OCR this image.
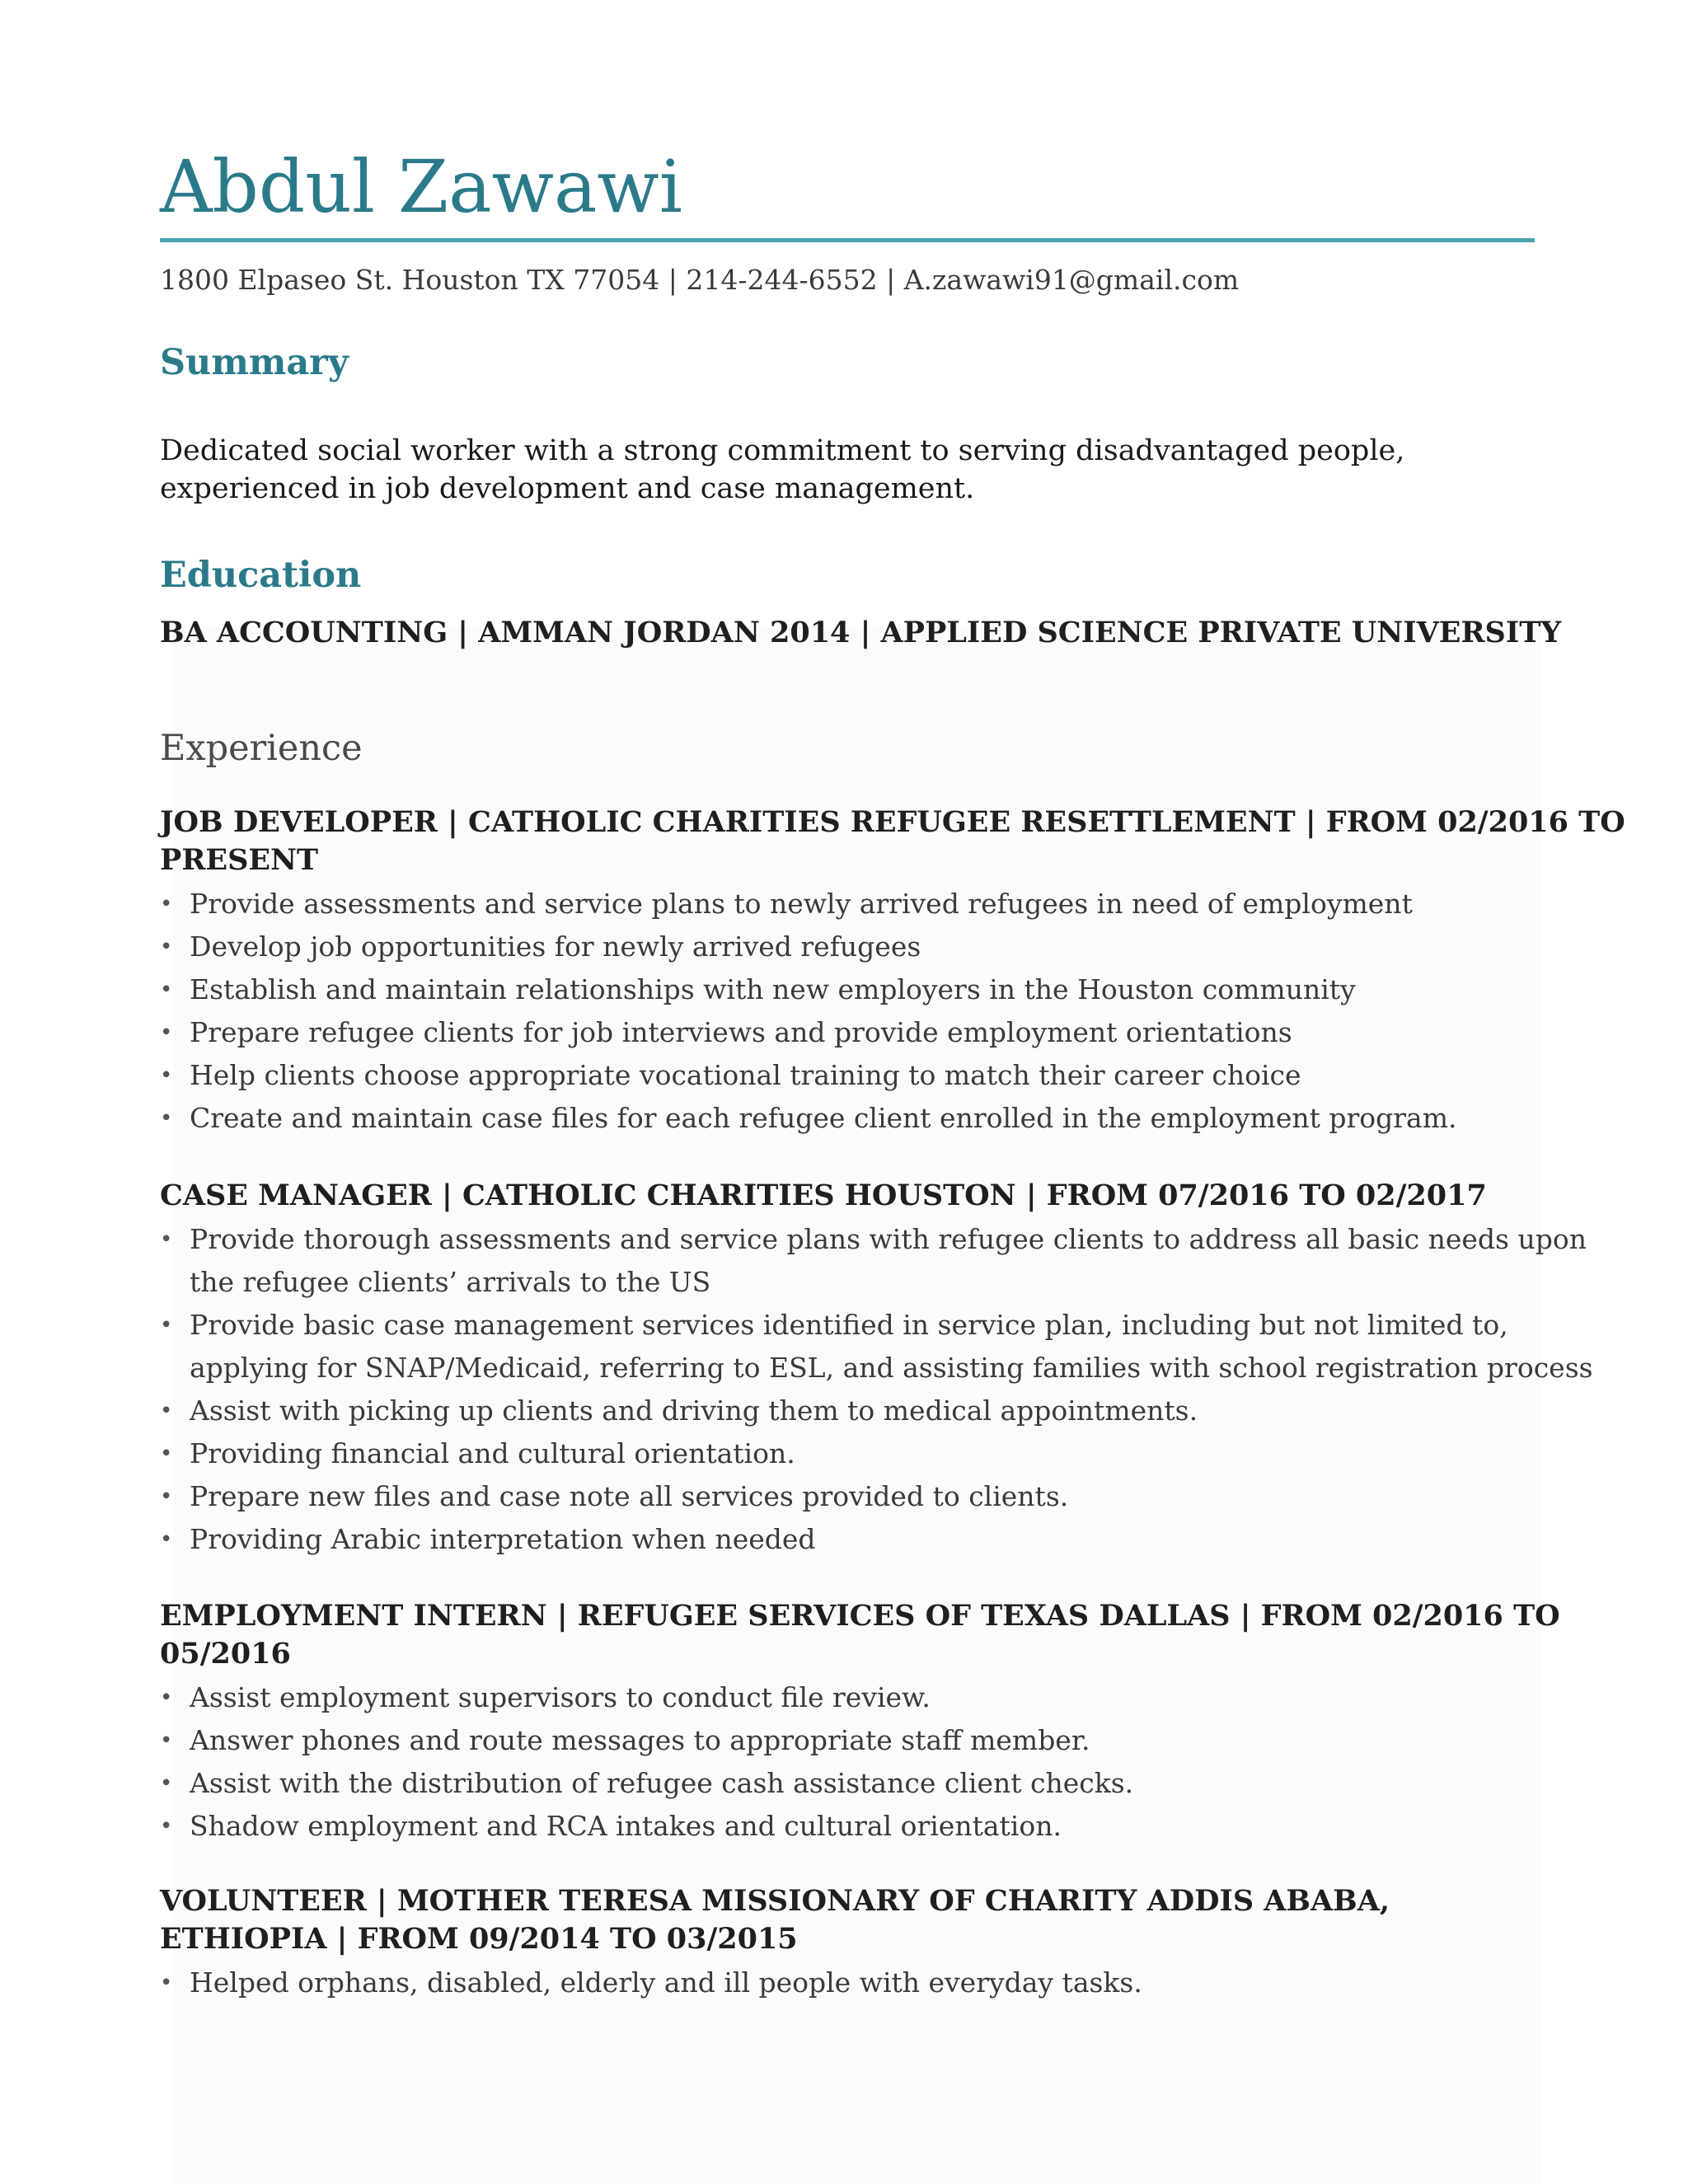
Abdul Zawawi
1800 Elpaseo St. Houston TX 77054 | 214-244-6552 | A.zawawi91@gmail.com
Summary
Dedicated social worker with a strong commitment to serving disadvantaged people,
experienced in job development and case management.
Education
BA ACCOUNTING | AMMAN JORDAN 2014 | APPLIED SCIENCE PRIVATE UNIVERSITY
Experience
JOB DEVELOPER | CATHOLIC CHARITIES REFUGEE RESETTLEMENT | FROM 02/2016 TO
PRESENT
• Provide assessments and service plans to newly arrived refugees in need of employment
• Develop job opportunities for newly arrived refugees
• Establish and maintain relationships with new employers in the Houston community
• Prepare refugee clients for job interviews and provide employment orientations
• Help clients choose appropriate vocational training to match their career choice
• Create and maintain case files for each refugee client enrolled in the employment program.
CASE MANAGER | CATHOLIC CHARITIES HOUSTON | FROM 07/2016 TO 02/2017
• Provide thorough assessments and service plans with refugee clients to address all basic needs upon
the refugee clients’ arrivals to the US
• Provide basic case management services identified in service plan, including but not limited to,
applying for SNAP/Medicaid, referring to ESL, and assisting families with school registration process
• Assist with picking up clients and driving them to medical appointments.
• Providing financial and cultural orientation.
• Prepare new files and case note all services provided to clients.
• Providing Arabic interpretation when needed
EMPLOYMENT INTERN | REFUGEE SERVICES OF TEXAS DALLAS | FROM 02/2016 TO
05/2016
• Assist employment supervisors to conduct file review.
• Answer phones and route messages to appropriate staff member.
• Assist with the distribution of refugee cash assistance client checks.
• Shadow employment and RCA intakes and cultural orientation.
VOLUNTEER | MOTHER TERESA MISSIONARY OF CHARITY ADDIS ABABA,
ETHIOPIA | FROM 09/2014 TO 03/2015
• Helped orphans, disabled, elderly and ill people with everyday tasks.
